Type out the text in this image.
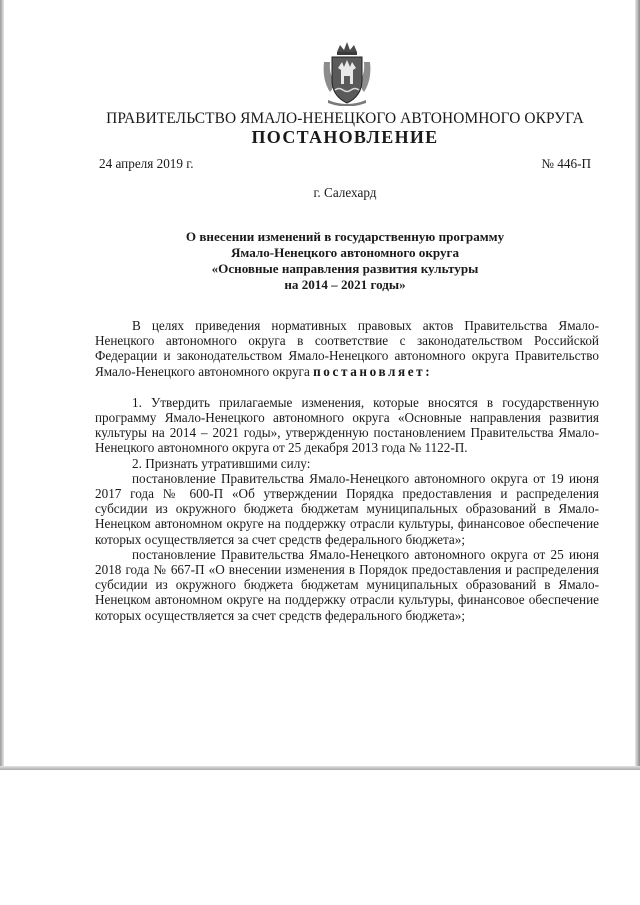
ПРАВИТЕЛЬСТВО ЯМАЛО-НЕНЕЦКОГО АВТОНОМНОГО ОКРУГА
ПОСТАНОВЛЕНИЕ
24 апреля 2019 г.	№ 446-П
г. Салехард
О внесении изменений в государственную программу
Ямало-Ненецкого автономного округа
«Основные направления развития культуры
на 2014 – 2021 годы»

В целях приведения нормативных правовых актов Правительства Ямало-Ненецкого автономного округа в соответствие с законодательством Российской Федерации и законодательством Ямало-Ненецкого автономного округа Правительство Ямало-Ненецкого автономного округа постановляет:

1. Утвердить прилагаемые изменения, которые вносятся в государственную программу Ямало-Ненецкого автономного округа «Основные направления развития культуры на 2014 – 2021 годы», утвержденную постановлением Правительства Ямало-Ненецкого автономного округа от 25 декабря 2013 года № 1122-П.

2. Признать утратившими силу:

постановление Правительства Ямало-Ненецкого автономного округа от 19 июня 2017 года № 600-П «Об утверждении Порядка предоставления и распределения субсидии из окружного бюджета бюджетам муниципальных образований в Ямало-Ненецком автономном округе на поддержку отрасли культуры, финансовое обеспечение которых осуществляется за счет средств федерального бюджета»;

постановление Правительства Ямало-Ненецкого автономного округа от 25 июня 2018 года № 667-П «О внесении изменения в Порядок предоставления и распределения субсидии из окружного бюджета бюджетам муниципальных образований в Ямало-Ненецком автономном округе на поддержку отрасли культуры, финансовое обеспечение которых осуществляется за счет средств федерального бюджета»;
